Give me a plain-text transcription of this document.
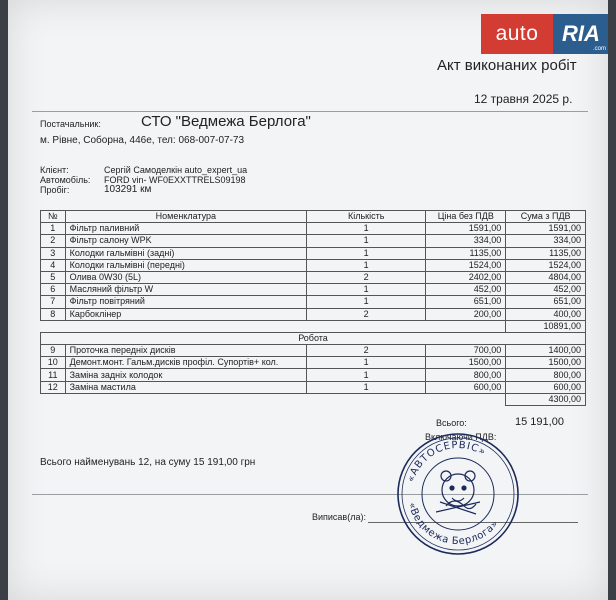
auto	RIA
.com
Акт виконаних робіт
12 травня 2025 р.
Постачальник:	СТО "Ведмежа Берлога"
м. Рівне, Соборна, 446е, тел: 068-007-07-73
Клієнт:	Сергій Самоделкін auto_expert_ua
Автомобіль: FORD vin- WF0EXXTTRELS09198
Пробіг:	103291 км
№	Номенклатура	Кількість	Ціна без ПДВ	Сума з ПДВ
1	Фільтр паливний	1	1591,00	1591,00
2	Фільтр салону WPK	1	334,00	334,00
3	Колодки гальмівні (задні)	1	1135,00	1135,00
4	Колодки гальмівні (передні)	1	1524,00	1524,00
5	Олива 0W30 (5L)	2	2402,00	4804,00
6	Масляний фільтр W	1	452,00	452,00
7	Фільтр повітряний	1	651,00	651,00
8	Карбоклінер	2	200,00	400,00
				10891,00
Робота				
9	Проточка передніх дисків	2	700,00	1400,00
10	Демонт.монт. Гальм.дисків профіл. Супортів+ кол.	1	1500,00	1500,00
11	Заміна задніх колодок	1	800,00	800,00
12	Заміна мастила	1	600,00	600,00
				4300,00
Всього:	15 191,00
Включаючи ПДВ:
Всього найменувань 12, на суму 15 191,00 грн
Виписав(ла):
«АВТОСЕРВІС»
«Ведмежа Берлога»
